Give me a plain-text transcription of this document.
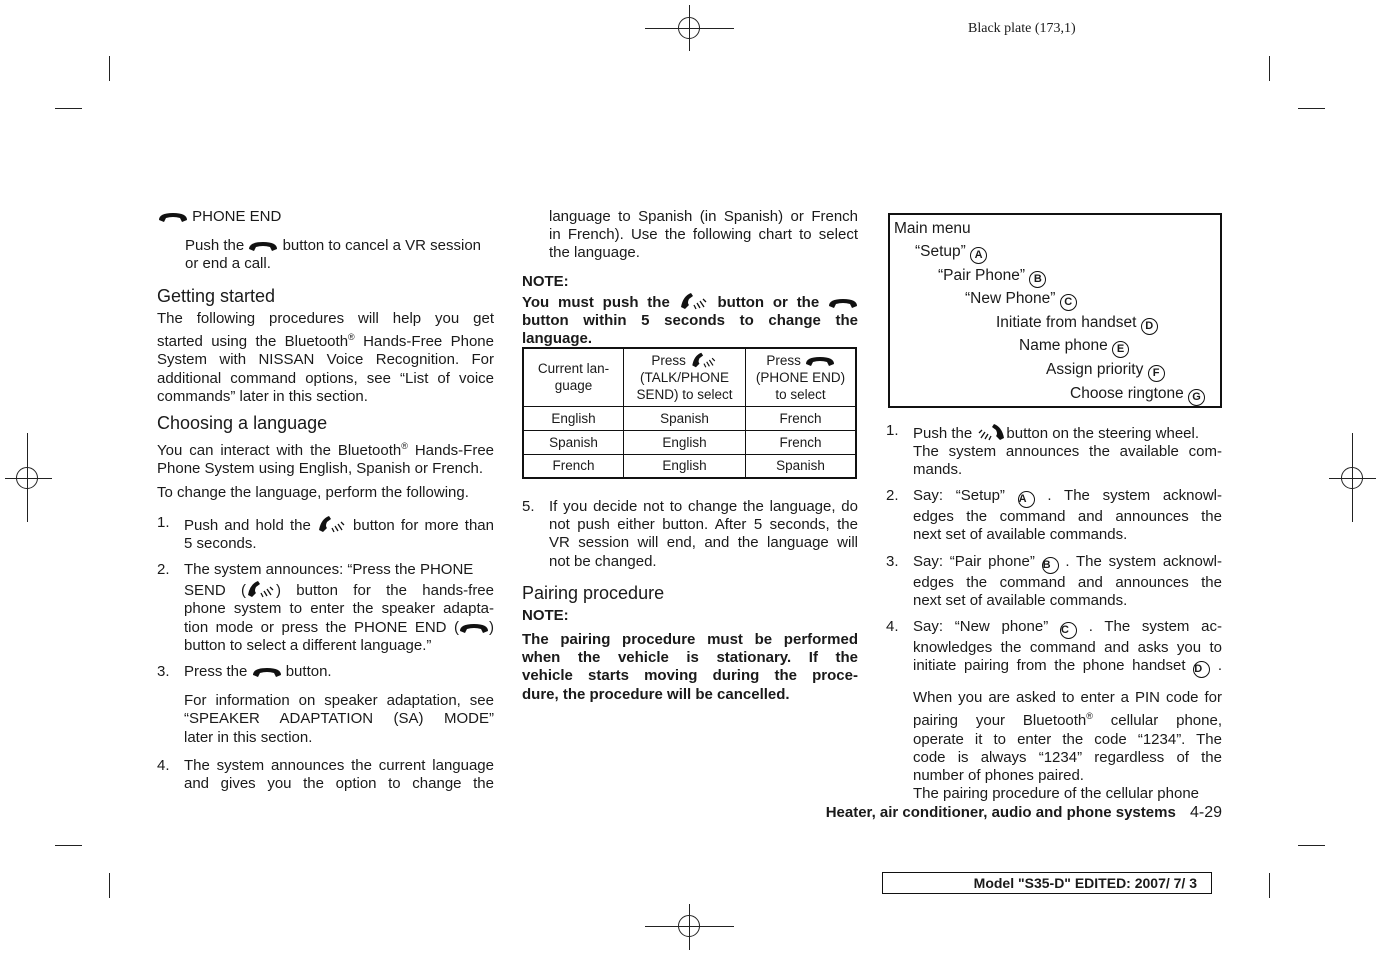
Black plate (173,1)
PHONE END
Push the	button to cancel a VR session
or end a call.
Getting started
The following procedures will help you get
started using the Bluetooth® Hands-Free Phone
System with NISSAN Voice Recognition. For
additional command options, see “List of voice
commands” later in this section.
Choosing a language
You can interact with the Bluetooth® Hands-Free
Phone System using English, Spanish or French.
To change the language, perform the following.
1. Push and hold the	button for more than
5 seconds.
2. The system announces: “Press the PHONE
SEND ( ) button for the hands-free
phone system to enter the speaker adapta-
tion mode or press the PHONE END ( )
button to select a different language.”
3. Press the	button.
For information on speaker adaptation, see
“SPEAKER ADAPTATION (SA) MODE”
later in this section.
4. The system announces the current language
and gives you the option to change the
language to Spanish (in Spanish) or French
in French). Use the following chart to select
the language.
NOTE:
You must push the	button or the
button within 5 seconds to change the
language.
Current lan-
guage	Press
(TALK/PHONE
SEND) to select	Press
(PHONE END)
to select
English	Spanish	French
Spanish	English	French
French	English	Spanish
5. If you decide not to change the language, do
not push either button. After 5 seconds, the
VR session will end, and the language will
not be changed.
Pairing procedure
NOTE:
The pairing procedure must be performed
when the vehicle is stationary. If the
vehicle starts moving during the proce-
dure, the procedure will be cancelled.
Main menu
“Setup” A
“Pair Phone” B
“New Phone” C
Initiate from handset D
Name phone E
Assign priority F
Choose ringtone G
1. Push the button on the steering wheel.
The system announces the available com-
mands.
2. Say: “Setup” A . The system acknowl-
edges the command and announces the
next set of available commands.
3. Say: “Pair phone” B . The system acknowl-
edges the command and announces the
next set of available commands.
4. Say: “New phone” C . The system ac-
knowledges the command and asks you to
initiate pairing from the phone handset D .
When you are asked to enter a PIN code for
pairing your Bluetooth® cellular phone,
operate it to enter the code “1234”. The
code is always “1234” regardless of the
number of phones paired.
The pairing procedure of the cellular phone
Heater, air conditioner, audio and phone systems 4-29
Model "S35-D" EDITED: 2007/ 7/ 3
